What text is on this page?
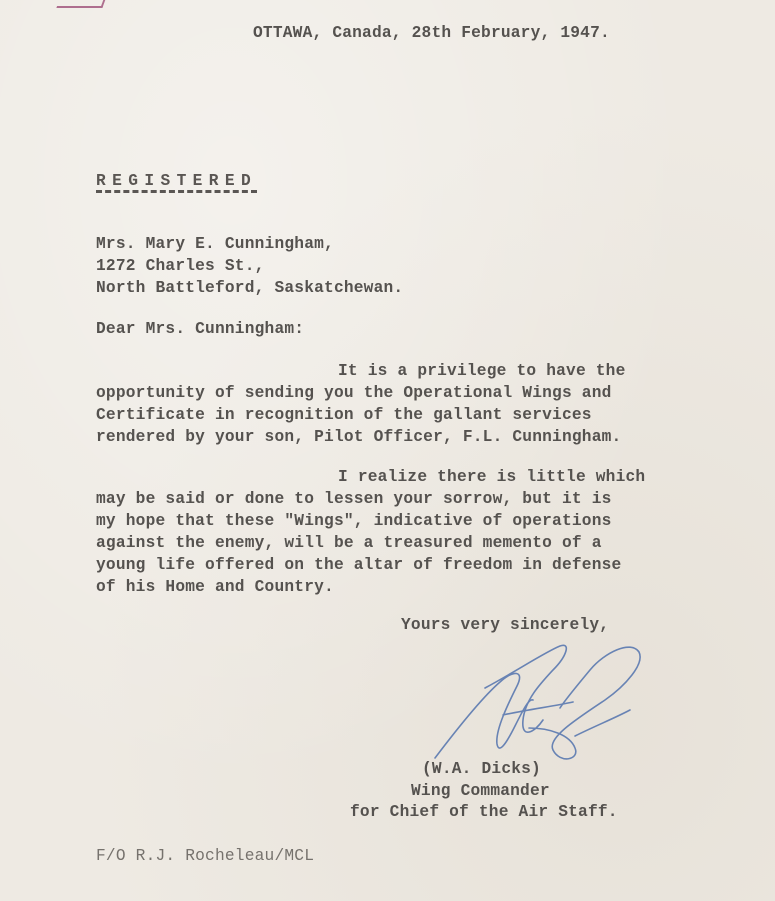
OTTAWA, Canada, 28th February, 1947.
REGISTERED
Mrs. Mary E. Cunningham,
1272 Charles St.,
North Battleford, Saskatchewan.
Dear Mrs. Cunningham:
It is a privilege to have the
opportunity of sending you the Operational Wings and
Certificate in recognition of the gallant services
rendered by your son, Pilot Officer, F.L. Cunningham.
I realize there is little which
may be said or done to lessen your sorrow, but it is
my hope that these "Wings", indicative of operations
against the enemy, will be a treasured memento of a
young life offered on the altar of freedom in defense
of his Home and Country.
Yours very sincerely,
(W.A. Dicks)
Wing Commander
for Chief of the Air Staff.
F/O R.J. Rocheleau/MCL
